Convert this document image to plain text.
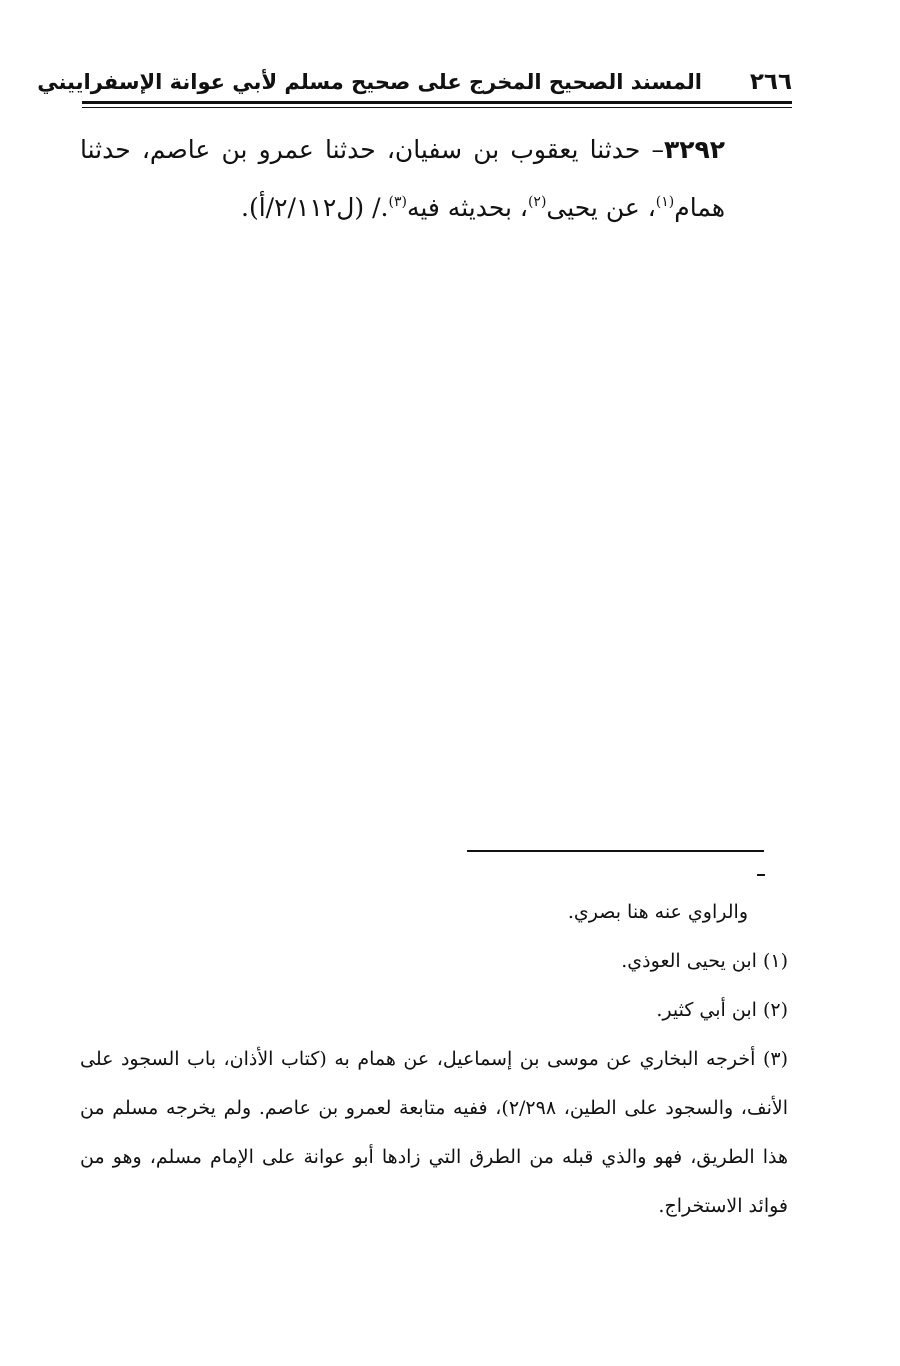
٢٦٦
المسند الصحيح المخرج على صحيح مسلم لأبي عوانة الإسفراييني
٣٢٩٢– حدثنا يعقوب بن سفيان، حدثنا عمرو بن عاصم، حدثنا همام$^{(١)}$، عن يحيى$^{(٢)}$، بحديثه فيه$^{(٣)}$./ (ل٢/١١٢/أ).
والراوي عنه هنا بصري.
(١) ابن يحيى العوذي.
(٢) ابن أبي كثير.
(٣) أخرجه البخاري عن موسى بن إسماعيل، عن همام به (كتاب الأذان، باب السجود على الأنف، والسجود على الطين، ٢/٢٩٨)، ففيه متابعة لعمرو بن عاصم. ولم يخرجه مسلم من هذا الطريق، فهو والذي قبله من الطرق التي زادها أبو عوانة على الإمام مسلم، وهو من فوائد الاستخراج.
